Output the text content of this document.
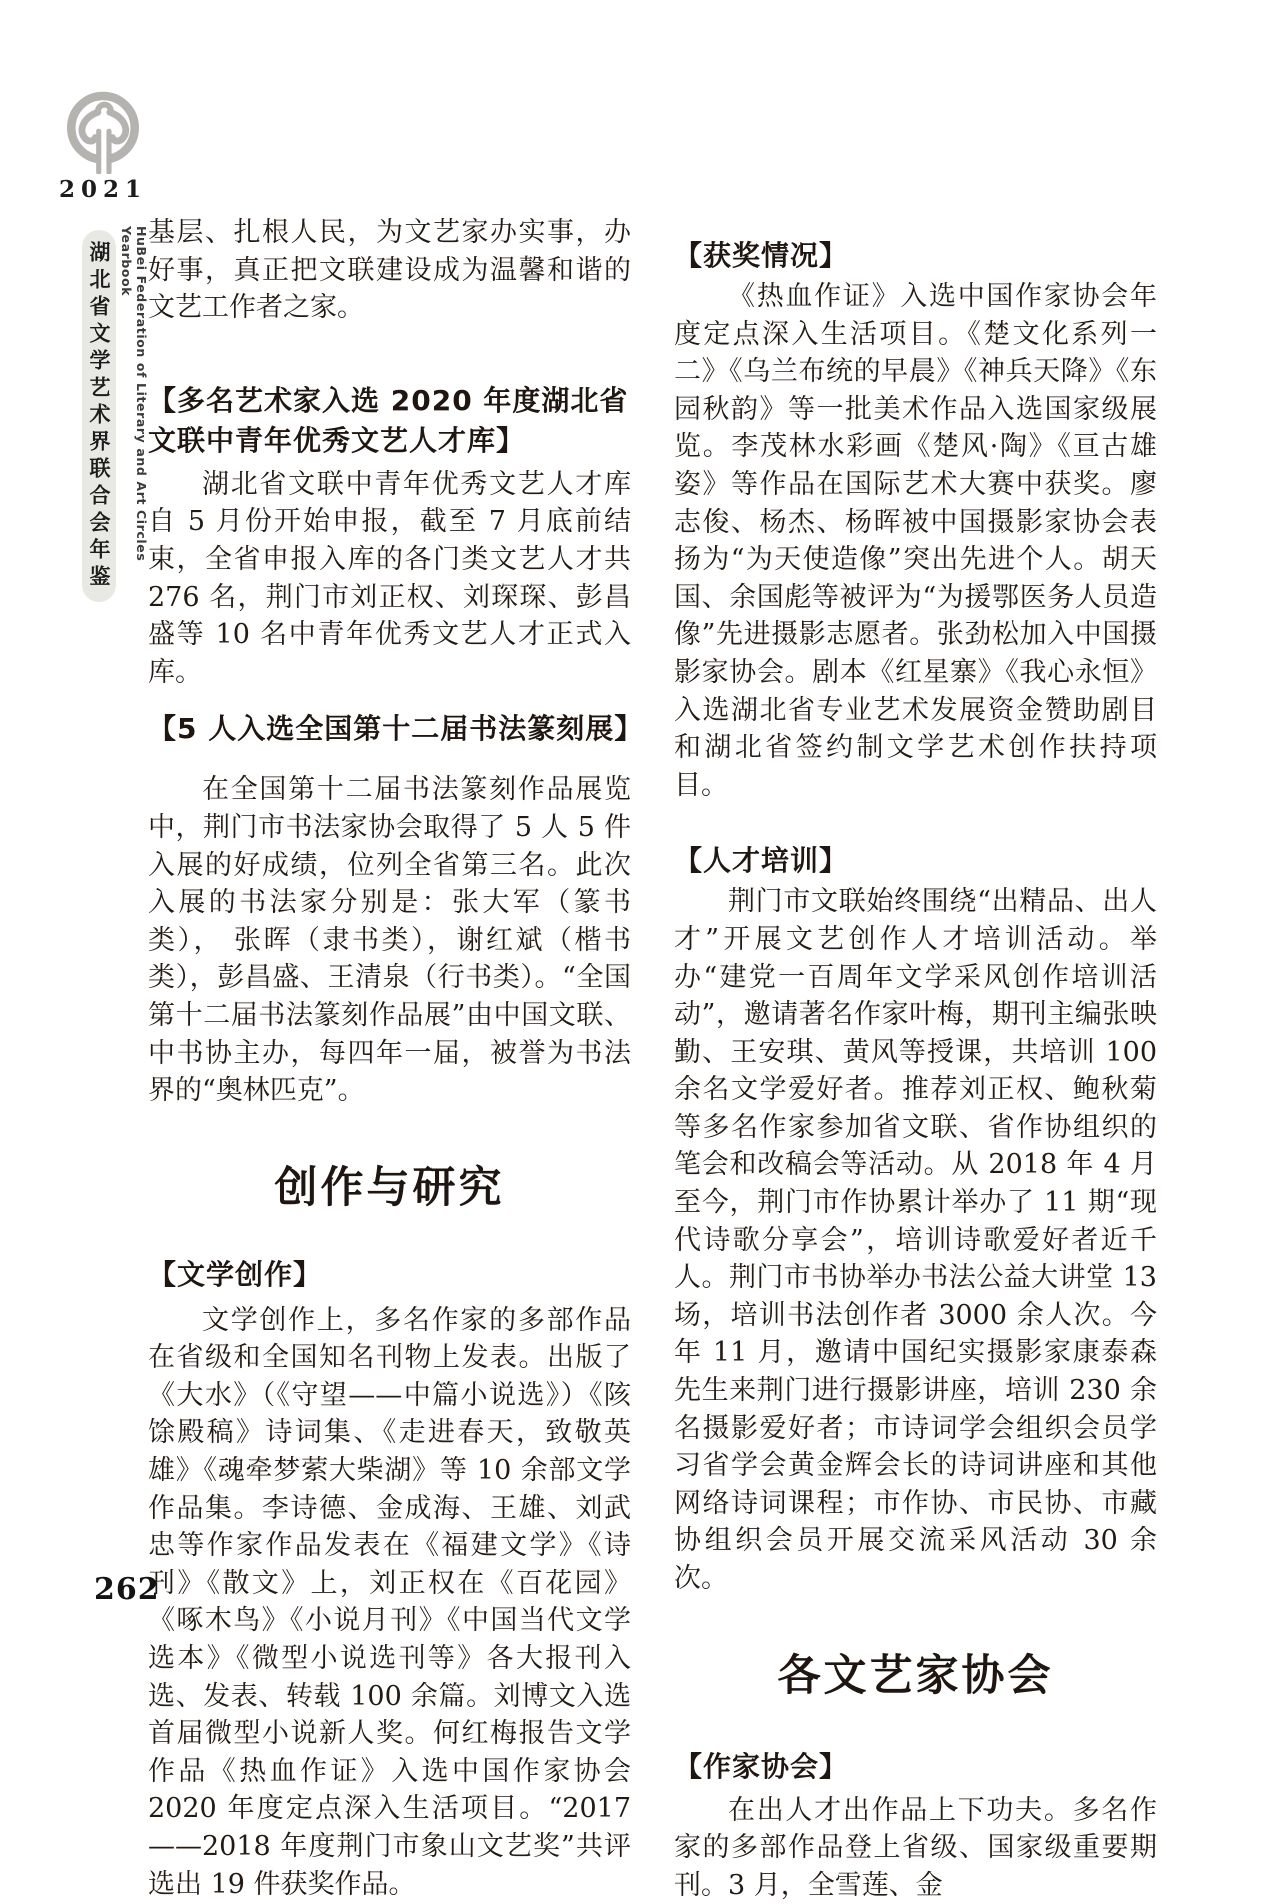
2021
湖北省文学艺术界联合会年鉴	HuBei Federation of Literary and Art Circles Yearbook 基层、扎根人民，为文艺家办实事，办好事，真正把文联建设成为温馨和谐的文艺工作者之家。

【多名艺术家入选 2020 年度湖北省文联中青年优秀文艺人才库】

湖北省文联中青年优秀文艺人才库自 5 月份开始申报，截至 7 月底前结束，全省申报入库的各门类文艺人才共 276 名，荆门市刘正权、刘琛琛、彭昌盛等 10 名中青年优秀文艺人才正式入库。

【5 人入选全国第十二届书法篆刻展】

在全国第十二届书法篆刻作品展览中，荆门市书法家协会取得了 5 人 5 件入展的好成绩，位列全省第三名。此次入展的书法家分别是：张大军（篆书类）， 张晖（隶书类），谢红斌（楷书类），彭昌盛、王清泉（行书类）。“全国第十二届书法篆刻作品展”由中国文联、中书协主办，每四年一届，被誉为书法界的“奥林匹克”。

创作与研究
【文学创作】

文学创作上，多名作家的多部作品在省级和全国知名刊物上发表。出版了《大水》（《守望——中篇小说选》）《陔馀殿稿》诗词集、《走进春天，致敬英雄》《魂牵梦萦大柴湖》等 10 余部文学作品集。李诗德、金成海、王雄、刘武忠等作家作品发表在《福建文学》《诗刊》《散文》上，刘正权在《百花园》《啄木鸟》《小说月刊》《中国当代文学选本》《微型小说选刊等》各大报刊入选、发表、转载 100 余篇。刘博文入选首届微型小说新人奖。何红梅报告文学作品《热血作证》入选中国作家协会 2020 年度定点深入生活项目。“2017——2018 年度荆门市象山文艺奖”共评选出 19 件获奖作品。

【获奖情况】

《热血作证》入选中国作家协会年度定点深入生活项目。《楚文化系列一二》《乌兰布统的早晨》《神兵天降》《东园秋韵》等一批美术作品入选国家级展览。李茂林水彩画《楚风·陶》《亘古雄姿》等作品在国际艺术大赛中获奖。廖志俊、杨杰、杨晖被中国摄影家协会表扬为“为天使造像”突出先进个人。胡天国、余国彪等被评为“为援鄂医务人员造像”先进摄影志愿者。张劲松加入中国摄影家协会。剧本《红星寨》《我心永恒》入选湖北省专业艺术发展资金赞助剧目和湖北省签约制文学艺术创作扶持项目。

【人才培训】

荆门市文联始终围绕“出精品、出人才”开展文艺创作人才培训活动。举办“建党一百周年文学采风创作培训活动”，邀请著名作家叶梅，期刊主编张映勤、王安琪、黄风等授课，共培训 100 余名文学爱好者。推荐刘正权、鲍秋菊等多名作家参加省文联、省作协组织的笔会和改稿会等活动。从 2018 年 4 月至今，荆门市作协累计举办了 11 期“现代诗歌分享会”，培训诗歌爱好者近千人。荆门市书协举办书法公益大讲堂 13 场，培训书法创作者 3000 余人次。今年 11 月，邀请中国纪实摄影家康泰森先生来荆门进行摄影讲座，培训 230 余名摄影爱好者；市诗词学会组织会员学习省学会黄金辉会长的诗词讲座和其他网络诗词课程；市作协、市民协、市藏协组织会员开展交流采风活动 30 余次。

各文艺家协会
【作家协会】

在出人才出作品上下功夫。多名作家的多部作品登上省级、国家级重要期刊。3 月，全雪莲、金

262
